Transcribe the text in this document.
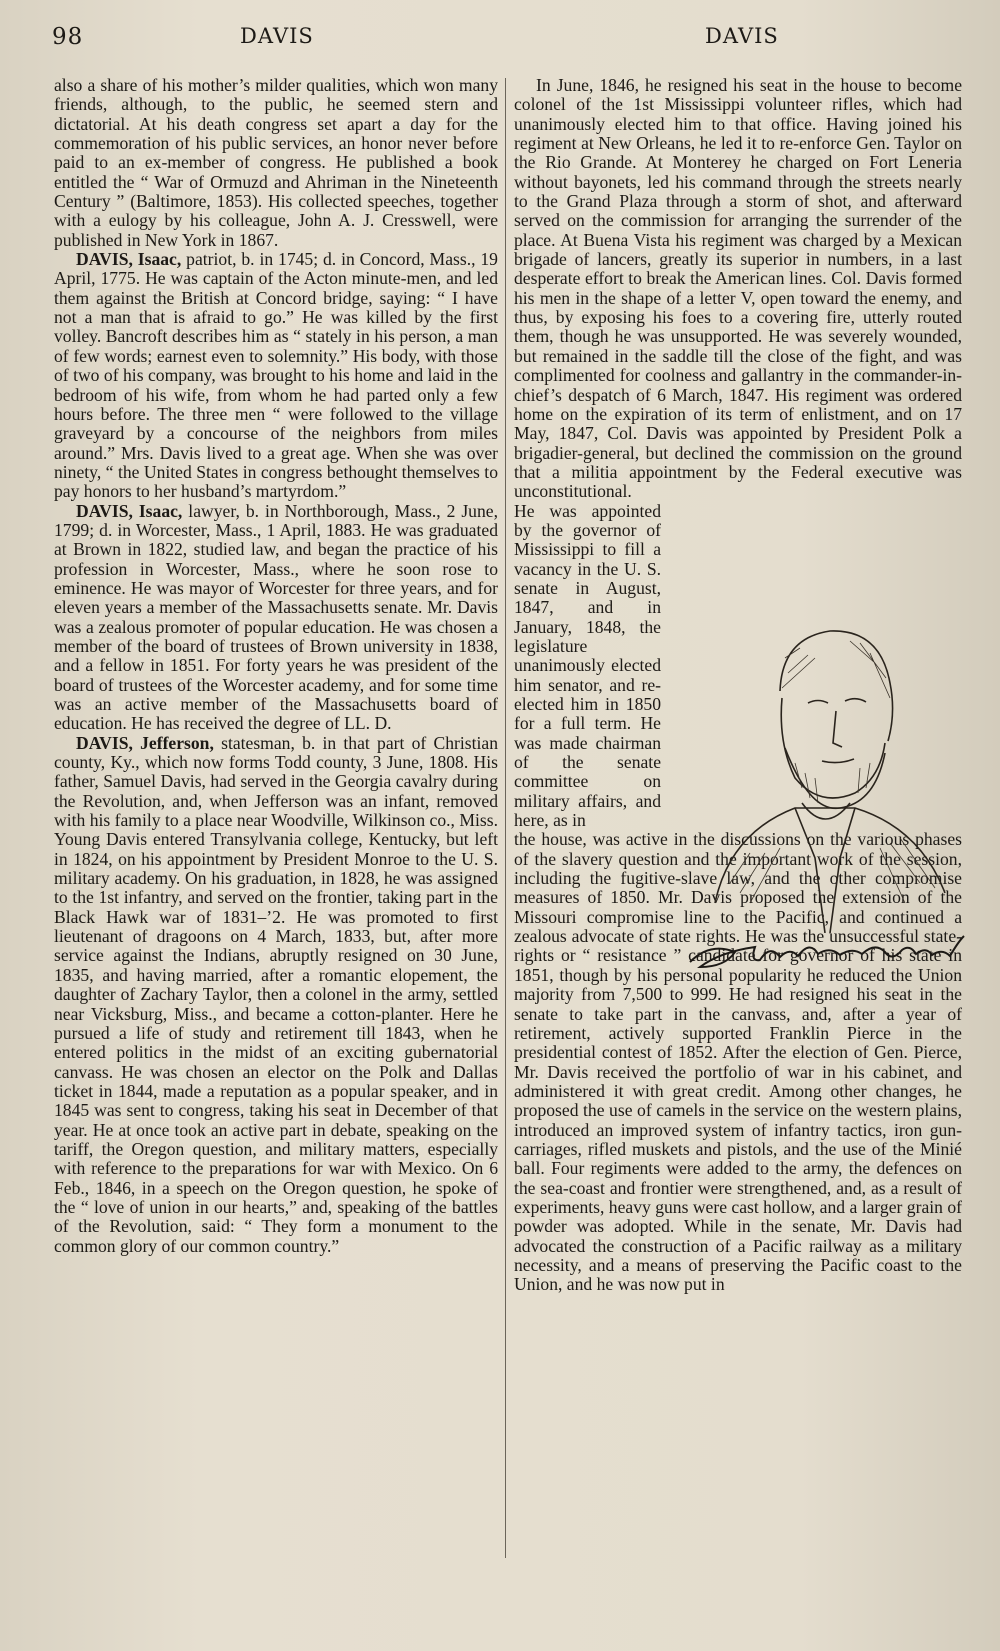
98	DAVIS	DAVIS

also a share of his mother’s milder qualities, which won many friends, although, to the public, he seemed stern and dictatorial. At his death congress set apart a day for the commemoration of his public services, an honor never before paid to an ex-member of congress. He published a book entitled the “ War of Ormuzd and Ahriman in the Nineteenth Century ” (Baltimore, 1853). His collected speeches, together with a eulogy by his colleague, John A. J. Cresswell, were published in New York in 1867.

DAVIS, Isaac, patriot, b. in 1745; d. in Concord, Mass., 19 April, 1775. He was captain of the Acton minute-men, and led them against the British at Concord bridge, saying: “ I have not a man that is afraid to go.” He was killed by the first volley. Bancroft describes him as “ stately in his person, a man of few words; earnest even to solemnity.” His body, with those of two of his company, was brought to his home and laid in the bedroom of his wife, from whom he had parted only a few hours before. The three men “ were followed to the village graveyard by a concourse of the neighbors from miles around.” Mrs. Davis lived to a great age. When she was over ninety, “ the United States in congress bethought themselves to pay honors to her husband’s martyrdom.”

DAVIS, Isaac, lawyer, b. in Northborough, Mass., 2 June, 1799; d. in Worcester, Mass., 1 April, 1883. He was graduated at Brown in 1822, studied law, and began the practice of his profession in Worcester, Mass., where he soon rose to eminence. He was mayor of Worcester for three years, and for eleven years a member of the Massachusetts senate. Mr. Davis was a zealous promoter of popular education. He was chosen a member of the board of trustees of Brown university in 1838, and a fellow in 1851. For forty years he was president of the board of trustees of the Worcester academy, and for some time was an active member of the Massachusetts board of education. He has received the degree of LL. D.

DAVIS, Jefferson, statesman, b. in that part of Christian county, Ky., which now forms Todd county, 3 June, 1808. His father, Samuel Davis, had served in the Georgia cavalry during the Revolution, and, when Jefferson was an infant, removed with his family to a place near Woodville, Wilkinson co., Miss. Young Davis entered Transylvania college, Kentucky, but left in 1824, on his appointment by President Monroe to the U. S. military academy. On his graduation, in 1828, he was assigned to the 1st infantry, and served on the frontier, taking part in the Black Hawk war of 1831–’2. He was promoted to first lieutenant of dragoons on 4 March, 1833, but, after more service against the Indians, abruptly resigned on 30 June, 1835, and having married, after a romantic elopement, the daughter of Zachary Taylor, then a colonel in the army, settled near Vicksburg, Miss., and became a cotton-planter. Here he pursued a life of study and retirement till 1843, when he entered politics in the midst of an exciting gubernatorial canvass. He was chosen an elector on the Polk and Dallas ticket in 1844, made a reputation as a popular speaker, and in 1845 was sent to congress, taking his seat in December of that year. He at once took an active part in debate, speaking on the tariff, the Oregon question, and military matters, especially with reference to the preparations for war with Mexico. On 6 Feb., 1846, in a speech on the Oregon question, he spoke of the “ love of union in our hearts,” and, speaking of the battles of the Revolution, said: “ They form a monument to the common glory of our common country.”

In June, 1846, he resigned his seat in the house to become colonel of the 1st Mississippi volunteer rifles, which had unanimously elected him to that office. Having joined his regiment at New Orleans, he led it to re-enforce Gen. Taylor on the Rio Grande. At Monterey he charged on Fort Leneria without bayonets, led his command through the streets nearly to the Grand Plaza through a storm of shot, and afterward served on the commission for arranging the surrender of the place. At Buena Vista his regiment was charged by a Mexican brigade of lancers, greatly its superior in numbers, in a last desperate effort to break the American lines. Col. Davis formed his men in the shape of a letter V, open toward the enemy, and thus, by exposing his foes to a covering fire, utterly routed them, though he was unsupported. He was severely wounded, but remained in the saddle till the close of the fight, and was complimented for coolness and gallantry in the commander-in-chief’s despatch of 6 March, 1847. His regiment was ordered home on the expiration of its term of enlistment, and on 17 May, 1847, Col. Davis was appointed by President Polk a brigadier-general, but declined the commission on the ground that a militia appointment by the Federal executive was unconstitutional.

He was appointed by the governor of Mississippi to fill a vacancy in the U. S. senate in August, 1847, and in January, 1848, the legislature unanimously elected him senator, and re-elected him in 1850 for a full term. He was made chairman of the senate committee on military affairs, and here, as in

the house, was active in the discussions on the various phases of the slavery question and the important work of the session, including the fugitive-slave law, and the other compromise measures of 1850. Mr. Davis proposed the extension of the Missouri compromise line to the Pacific, and continued a zealous advocate of state rights. He was the unsuccessful state-rights or “ resistance ” candidate for governor of his state in 1851, though by his personal popularity he reduced the Union majority from 7,500 to 999. He had resigned his seat in the senate to take part in the canvass, and, after a year of retirement, actively supported Franklin Pierce in the presidential contest of 1852. After the election of Gen. Pierce, Mr. Davis received the portfolio of war in his cabinet, and administered it with great credit. Among other changes, he proposed the use of camels in the service on the western plains, introduced an improved system of infantry tactics, iron gun-carriages, rifled muskets and pistols, and the use of the Minié ball. Four regiments were added to the army, the defences on the sea-coast and frontier were strengthened, and, as a result of experiments, heavy guns were cast hollow, and a larger grain of powder was adopted. While in the senate, Mr. Davis had advocated the construction of a Pacific railway as a military necessity, and a means of preserving the Pacific coast to the Union, and he was now put in
